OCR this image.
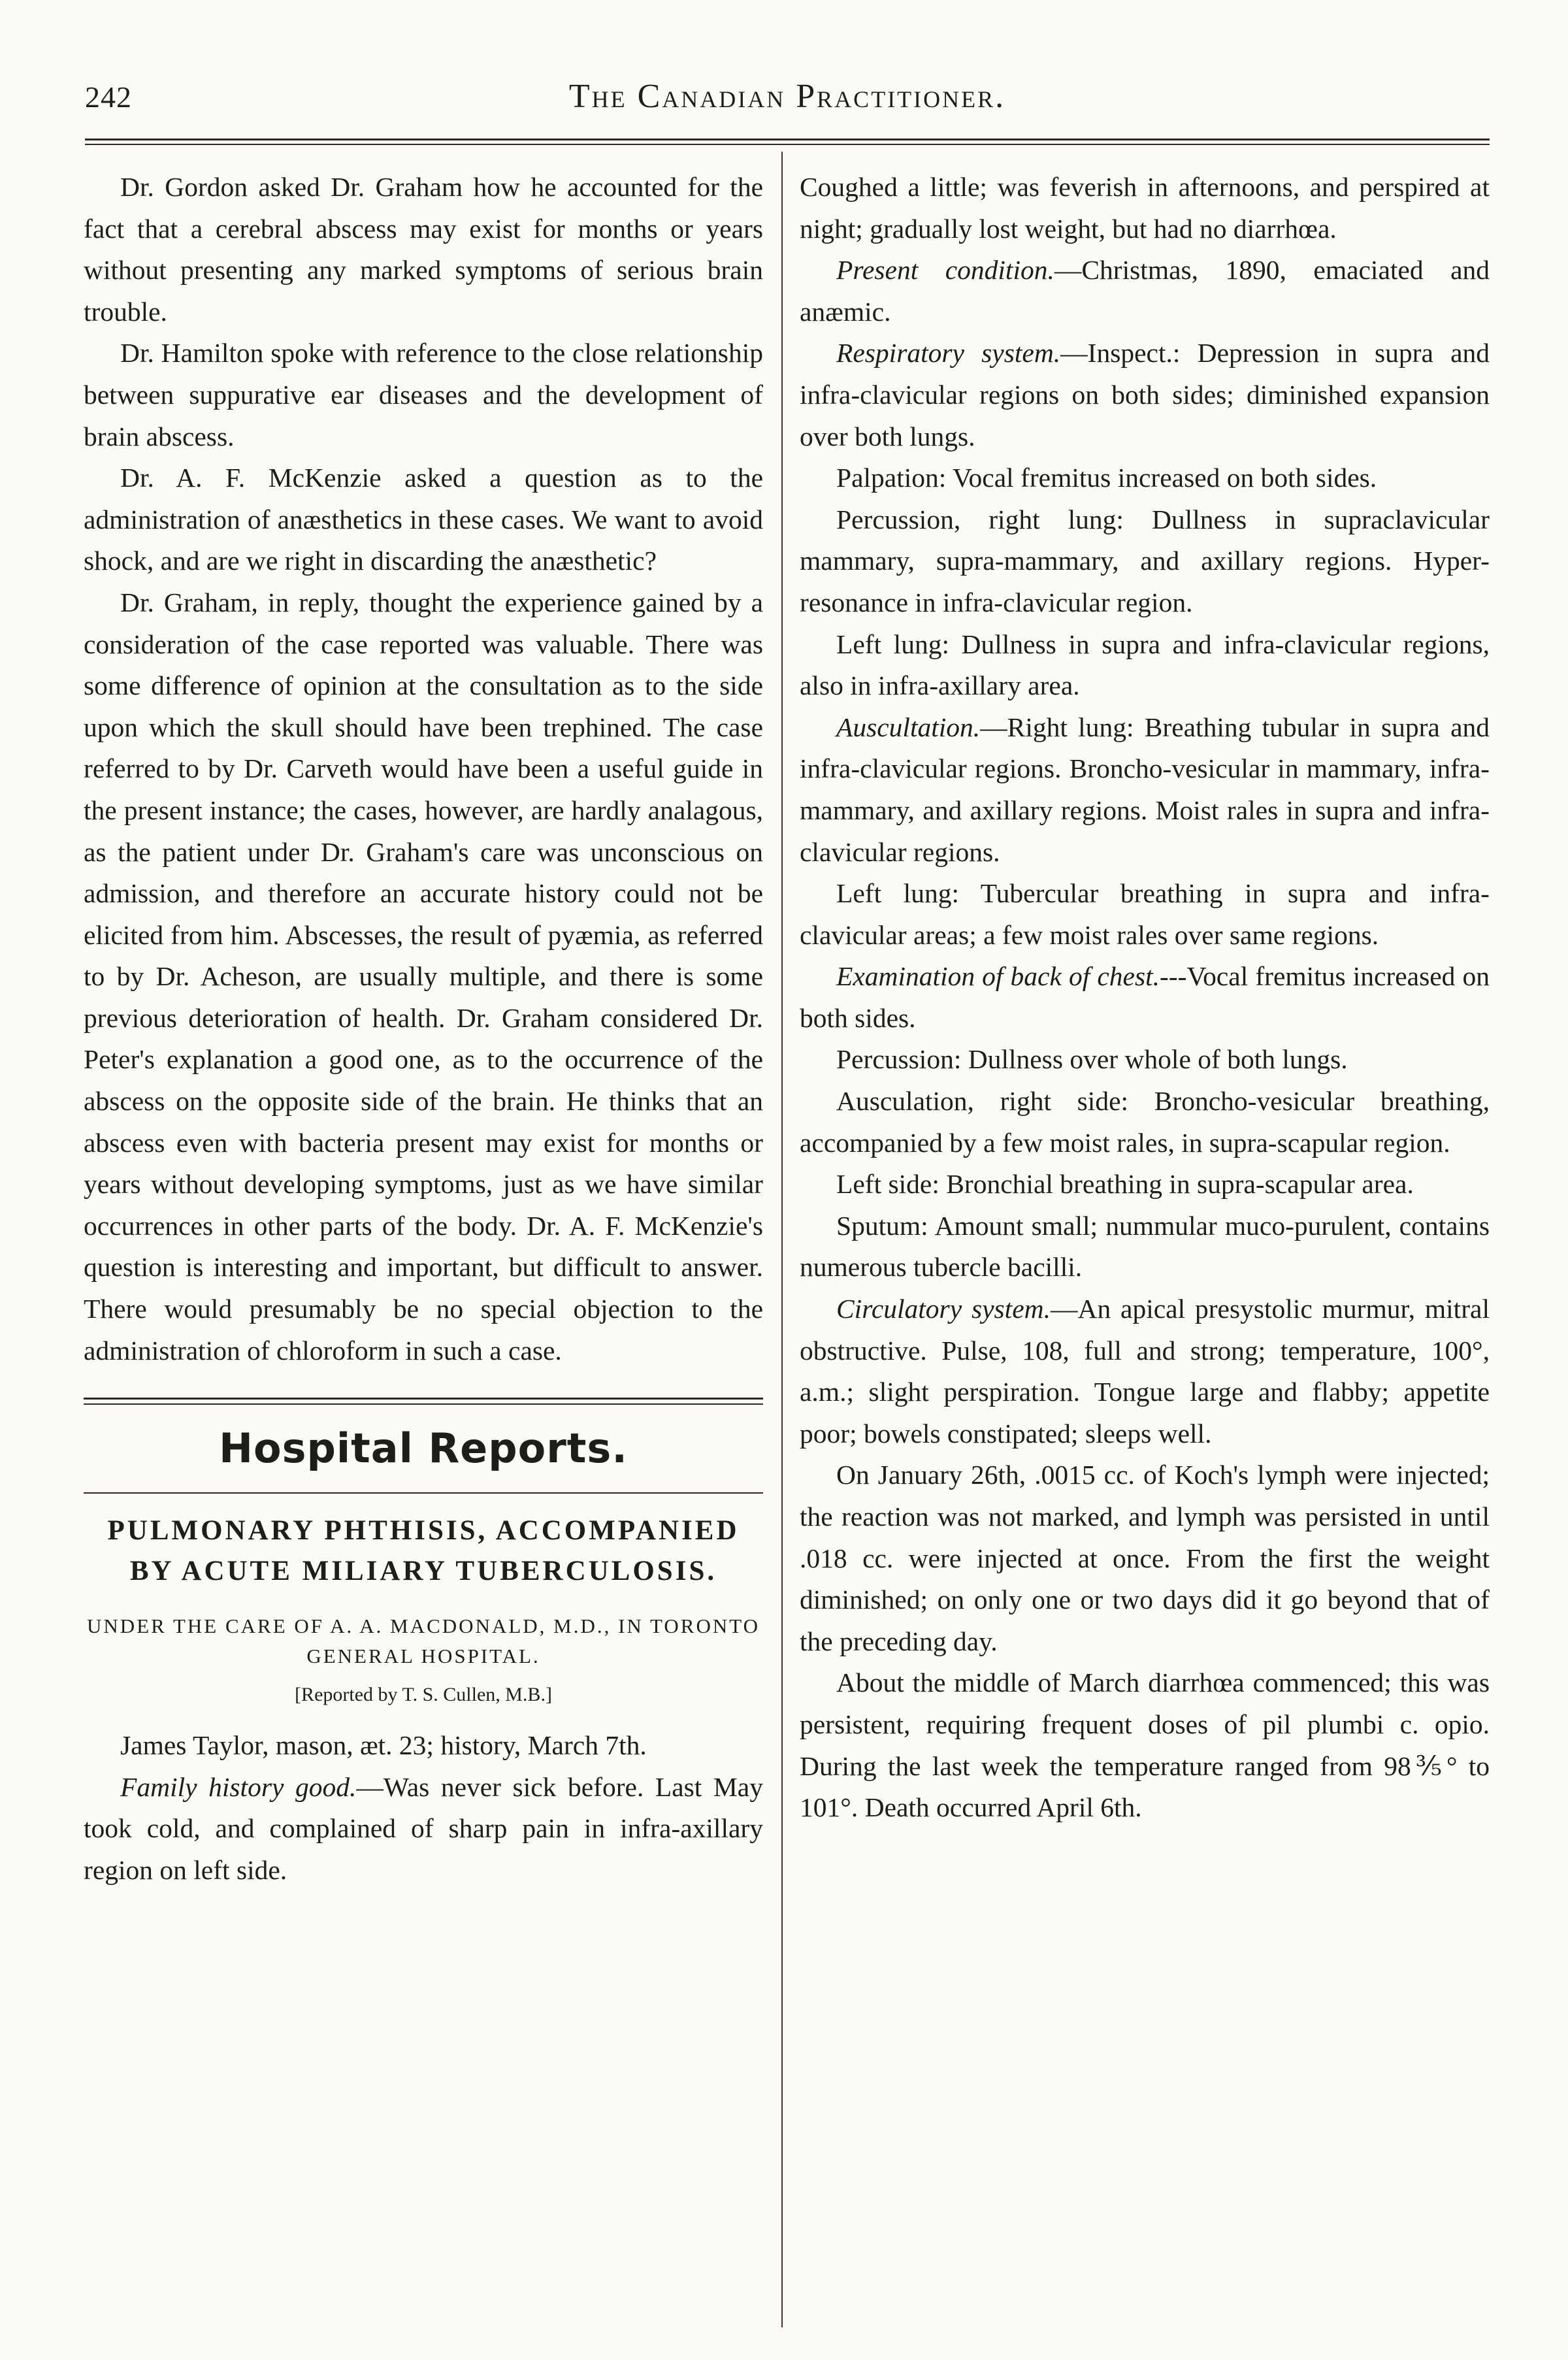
242	The Canadian Practitioner.

Dr. Gordon asked Dr. Graham how he accounted for the fact that a cerebral abscess may exist for months or years without presenting any marked symptoms of serious brain trouble.

Dr. Hamilton spoke with reference to the close relationship between suppurative ear diseases and the development of brain abscess.

Dr. A. F. McKenzie asked a question as to the administration of anæsthetics in these cases. We want to avoid shock, and are we right in discarding the anæsthetic?

Dr. Graham, in reply, thought the experience gained by a consideration of the case reported was valuable. There was some difference of opinion at the consultation as to the side upon which the skull should have been trephined. The case referred to by Dr. Carveth would have been a useful guide in the present instance; the cases, however, are hardly analagous, as the patient under Dr. Graham's care was unconscious on admission, and therefore an accurate history could not be elicited from him. Abscesses, the result of pyæmia, as referred to by Dr. Acheson, are usually multiple, and there is some previous deterioration of health. Dr. Graham considered Dr. Peter's explanation a good one, as to the occurrence of the abscess on the opposite side of the brain. He thinks that an abscess even with bacteria present may exist for months or years without developing symptoms, just as we have similar occurrences in other parts of the body. Dr. A. F. McKenzie's question is interesting and important, but difficult to answer. There would presumably be no special objection to the administration of chloroform in such a case.

Hospital Reports.
PULMONARY PHTHISIS, ACCOMPANIED BY ACUTE MILIARY TUBERCULOSIS.
UNDER THE CARE OF A. A. MACDONALD, M.D., IN TORONTO GENERAL HOSPITAL.
[Reported by T. S. Cullen, M.B.]

James Taylor, mason, æt. 23; history, March 7th.

Family history good.—Was never sick before. Last May took cold, and complained of sharp pain in infra-axillary region on left side.

Coughed a little; was feverish in afternoons, and perspired at night; gradually lost weight, but had no diarrhœa.

Present condition.—Christmas, 1890, emaciated and anæmic.

Respiratory system.—Inspect.: Depression in supra and infra-clavicular regions on both sides; diminished expansion over both lungs.

Palpation: Vocal fremitus increased on both sides.

Percussion, right lung: Dullness in supraclavicular mammary, supra-mammary, and axillary regions. Hyper-resonance in infra-clavicular region.

Left lung: Dullness in supra and infra-clavicular regions, also in infra-axillary area.

Auscultation.—Right lung: Breathing tubular in supra and infra-clavicular regions. Broncho-vesicular in mammary, infra-mammary, and axillary regions. Moist rales in supra and infra-clavicular regions.

Left lung: Tubercular breathing in supra and infra-clavicular areas; a few moist rales over same regions.

Examination of back of chest.---Vocal fremitus increased on both sides.

Percussion: Dullness over whole of both lungs.

Ausculation, right side: Broncho-vesicular breathing, accompanied by a few moist rales, in supra-scapular region.

Left side: Bronchial breathing in supra-scapular area.

Sputum: Amount small; nummular muco-purulent, contains numerous tubercle bacilli.

Circulatory system.—An apical presystolic murmur, mitral obstructive. Pulse, 108, full and strong; temperature, 100°, a.m.; slight perspiration. Tongue large and flabby; appetite poor; bowels constipated; sleeps well.

On January 26th, .0015 cc. of Koch's lymph were injected; the reaction was not marked, and lymph was persisted in until .018 cc. were injected at once. From the first the weight diminished; on only one or two days did it go beyond that of the preceding day.

About the middle of March diarrhœa commenced; this was persistent, requiring frequent doses of pil plumbi c. opio. During the last week the temperature ranged from 98⅗° to 101°. Death occurred April 6th.
